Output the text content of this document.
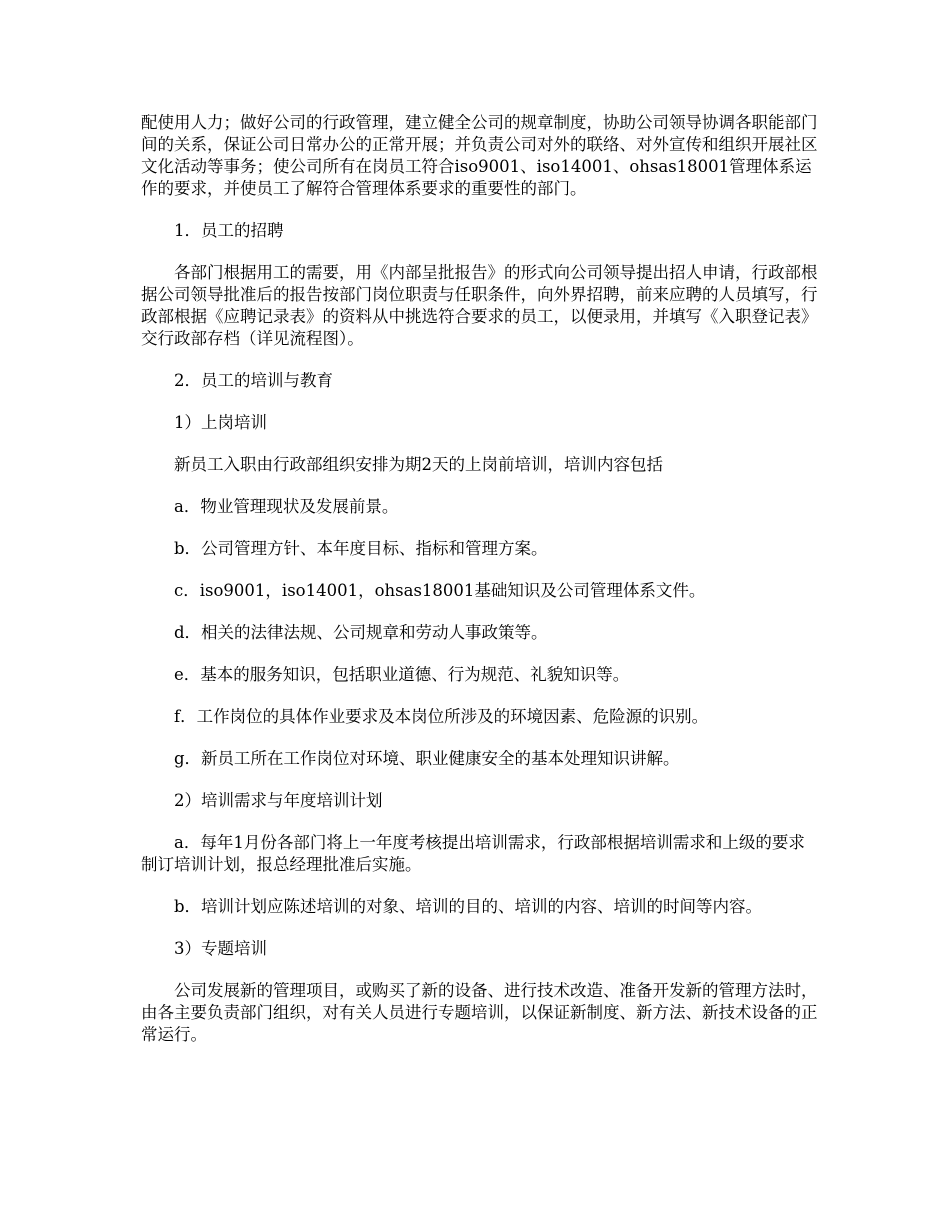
配使用人力；做好公司的行政管理，建立健全公司的规章制度，协助公司领导协调各职能部门间的关系，保证公司日常办公的正常开展；并负责公司对外的联络、对外宣传和组织开展社区文化活动等事务；使公司所有在岗员工符合iso9001、iso14001、ohsas18001管理体系运作的要求，并使员工了解符合管理体系要求的重要性的部门。

1．员工的招聘

各部门根据用工的需要，用《内部呈批报告》的形式向公司领导提出招人申请，行政部根据公司领导批准后的报告按部门岗位职责与任职条件，向外界招聘，前来应聘的人员填写，行政部根据《应聘记录表》的资料从中挑选符合要求的员工，以便录用，并填写《入职登记表》交行政部存档（详见流程图）。

2．员工的培训与教育

1）上岗培训

新员工入职由行政部组织安排为期2天的上岗前培训，培训内容包括

a．物业管理现状及发展前景。

b．公司管理方针、本年度目标、指标和管理方案。

c．iso9001，iso14001，ohsas18001基础知识及公司管理体系文件。

d．相关的法律法规、公司规章和劳动人事政策等。

e．基本的服务知识，包括职业道德、行为规范、礼貌知识等。

f．工作岗位的具体作业要求及本岗位所涉及的环境因素、危险源的识别。

g．新员工所在工作岗位对环境、职业健康安全的基本处理知识讲解。

2）培训需求与年度培训计划

a．每年1月份各部门将上一年度考核提出培训需求，行政部根据培训需求和上级的要求制订培训计划，报总经理批准后实施。

b．培训计划应陈述培训的对象、培训的目的、培训的内容、培训的时间等内容。

3）专题培训

公司发展新的管理项目，或购买了新的设备、进行技术改造、准备开发新的管理方法时，由各主要负责部门组织，对有关人员进行专题培训，以保证新制度、新方法、新技术设备的正常运行。
